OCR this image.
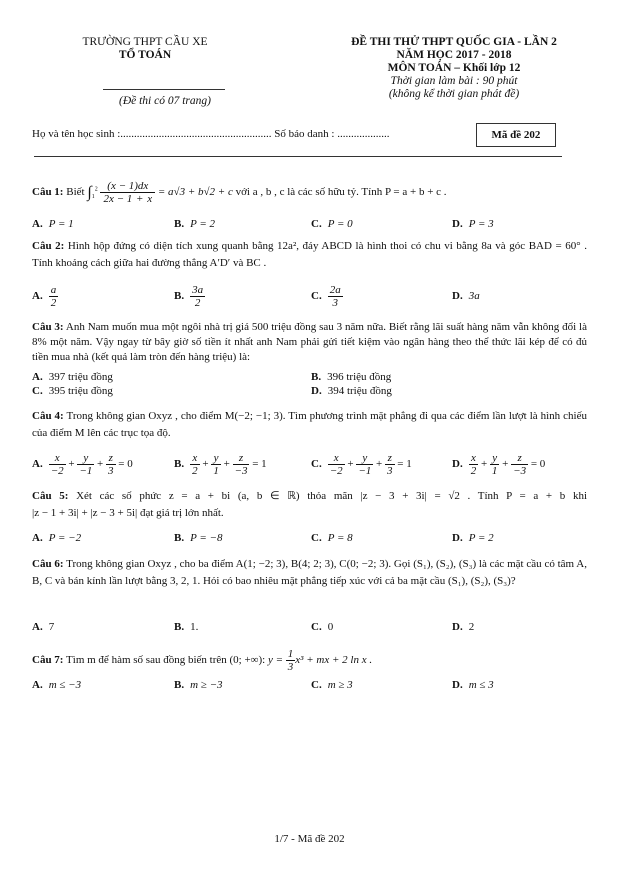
TRƯỜNG THPT CẦU XE
TỔ TOÁN
(Đề thi có 07 trang)
ĐỀ THI THỬ THPT QUỐC GIA - LẦN 2
NĂM HỌC 2017 - 2018
MÔN TOÁN – Khối lớp 12
Thời gian làm bài : 90 phút
(không kể thời gian phát đề)
Họ và tên học sinh :....................................................... Số báo danh : ...................	Mã đề 202
Câu 1: Biết $\int_1^2 \frac{(x - 1)dx}{2x - 1 + x} = a√3 + b√2 + c$ với a , b , c là các số hữu tỷ. Tính P = a + b + c .
A. P = 1	B. P = 2	C. P = 0	D. P = 3
Câu 2: Hình hộp đứng có diện tích xung quanh bằng 12a², đáy ABCD là hình thoi có chu vi bằng 8a và góc BAD = 60° . Tính khoảng cách giữa hai đường thẳng A′D′ và BC .
A. $\frac{a}{2}$	B. $\frac{3a}{2}$	C. $\frac{2a}{3}$	D. 3a
Câu 3: Anh Nam muốn mua một ngôi nhà trị giá 500 triệu đồng sau 3 năm nữa. Biết rằng lãi suất hàng năm vẫn không đổi là 8% một năm. Vậy ngay từ bây giờ số tiền ít nhất anh Nam phải gửi tiết kiệm vào ngân hàng theo thể thức lãi kép để có đủ tiền mua nhà (kết quả làm tròn đến hàng triệu) là:
A. 397 triệu đồng	B. 396 triệu đồng
C. 395 triệu đồng	D. 394 triệu đồng
Câu 4: Trong không gian Oxyz , cho điểm M(−2; −1; 3). Tìm phương trình mặt phẳng đi qua các điểm lần lượt là hình chiếu của điểm M lên các trục tọa độ.
A. $\frac{x}{-2} + \frac{y}{-1} + \frac{z}{3} = 0$	B. $\frac{x}{2} + \frac{y}{1} + \frac{z}{-3} = 1$	C. $\frac{x}{-2} + \frac{y}{-1} + \frac{z}{3} = 1$	D. $\frac{x}{2} + \frac{y}{1} + \frac{z}{-3} = 0$
Câu 5: Xét các số phức z = a + bi (a, b ∈ ℝ) thỏa mãn |z − 3 + 3i| = √2 . Tính P = a + b khi
|z − 1 + 3i| + |z − 3 + 5i| đạt giá trị lớn nhất.
A. P = −2	B. P = −8	C. P = 8	D. P = 2
Câu 6: Trong không gian Oxyz , cho ba điểm A(1; −2; 3), B(4; 2; 3), C(0; −2; 3). Gọi (S₁), (S₂), (S₃) là các mặt cầu có tâm A, B, C và bán kính lần lượt bằng 3, 2, 1. Hỏi có bao nhiêu mặt phẳng tiếp xúc với cả ba mặt cầu (S₁), (S₂), (S₃)?
A. 7	B. 1.	C. 0	D. 2
Câu 7: Tìm m để hàm số sau đồng biến trên (0; +∞): $y = \frac{1}{3} x^3$ + mx + 2 ln x .
A. m ≤ −3	B. m ≥ −3	C. m ≥ 3	D. m ≤ 3
1/7 - Mã đề 202
